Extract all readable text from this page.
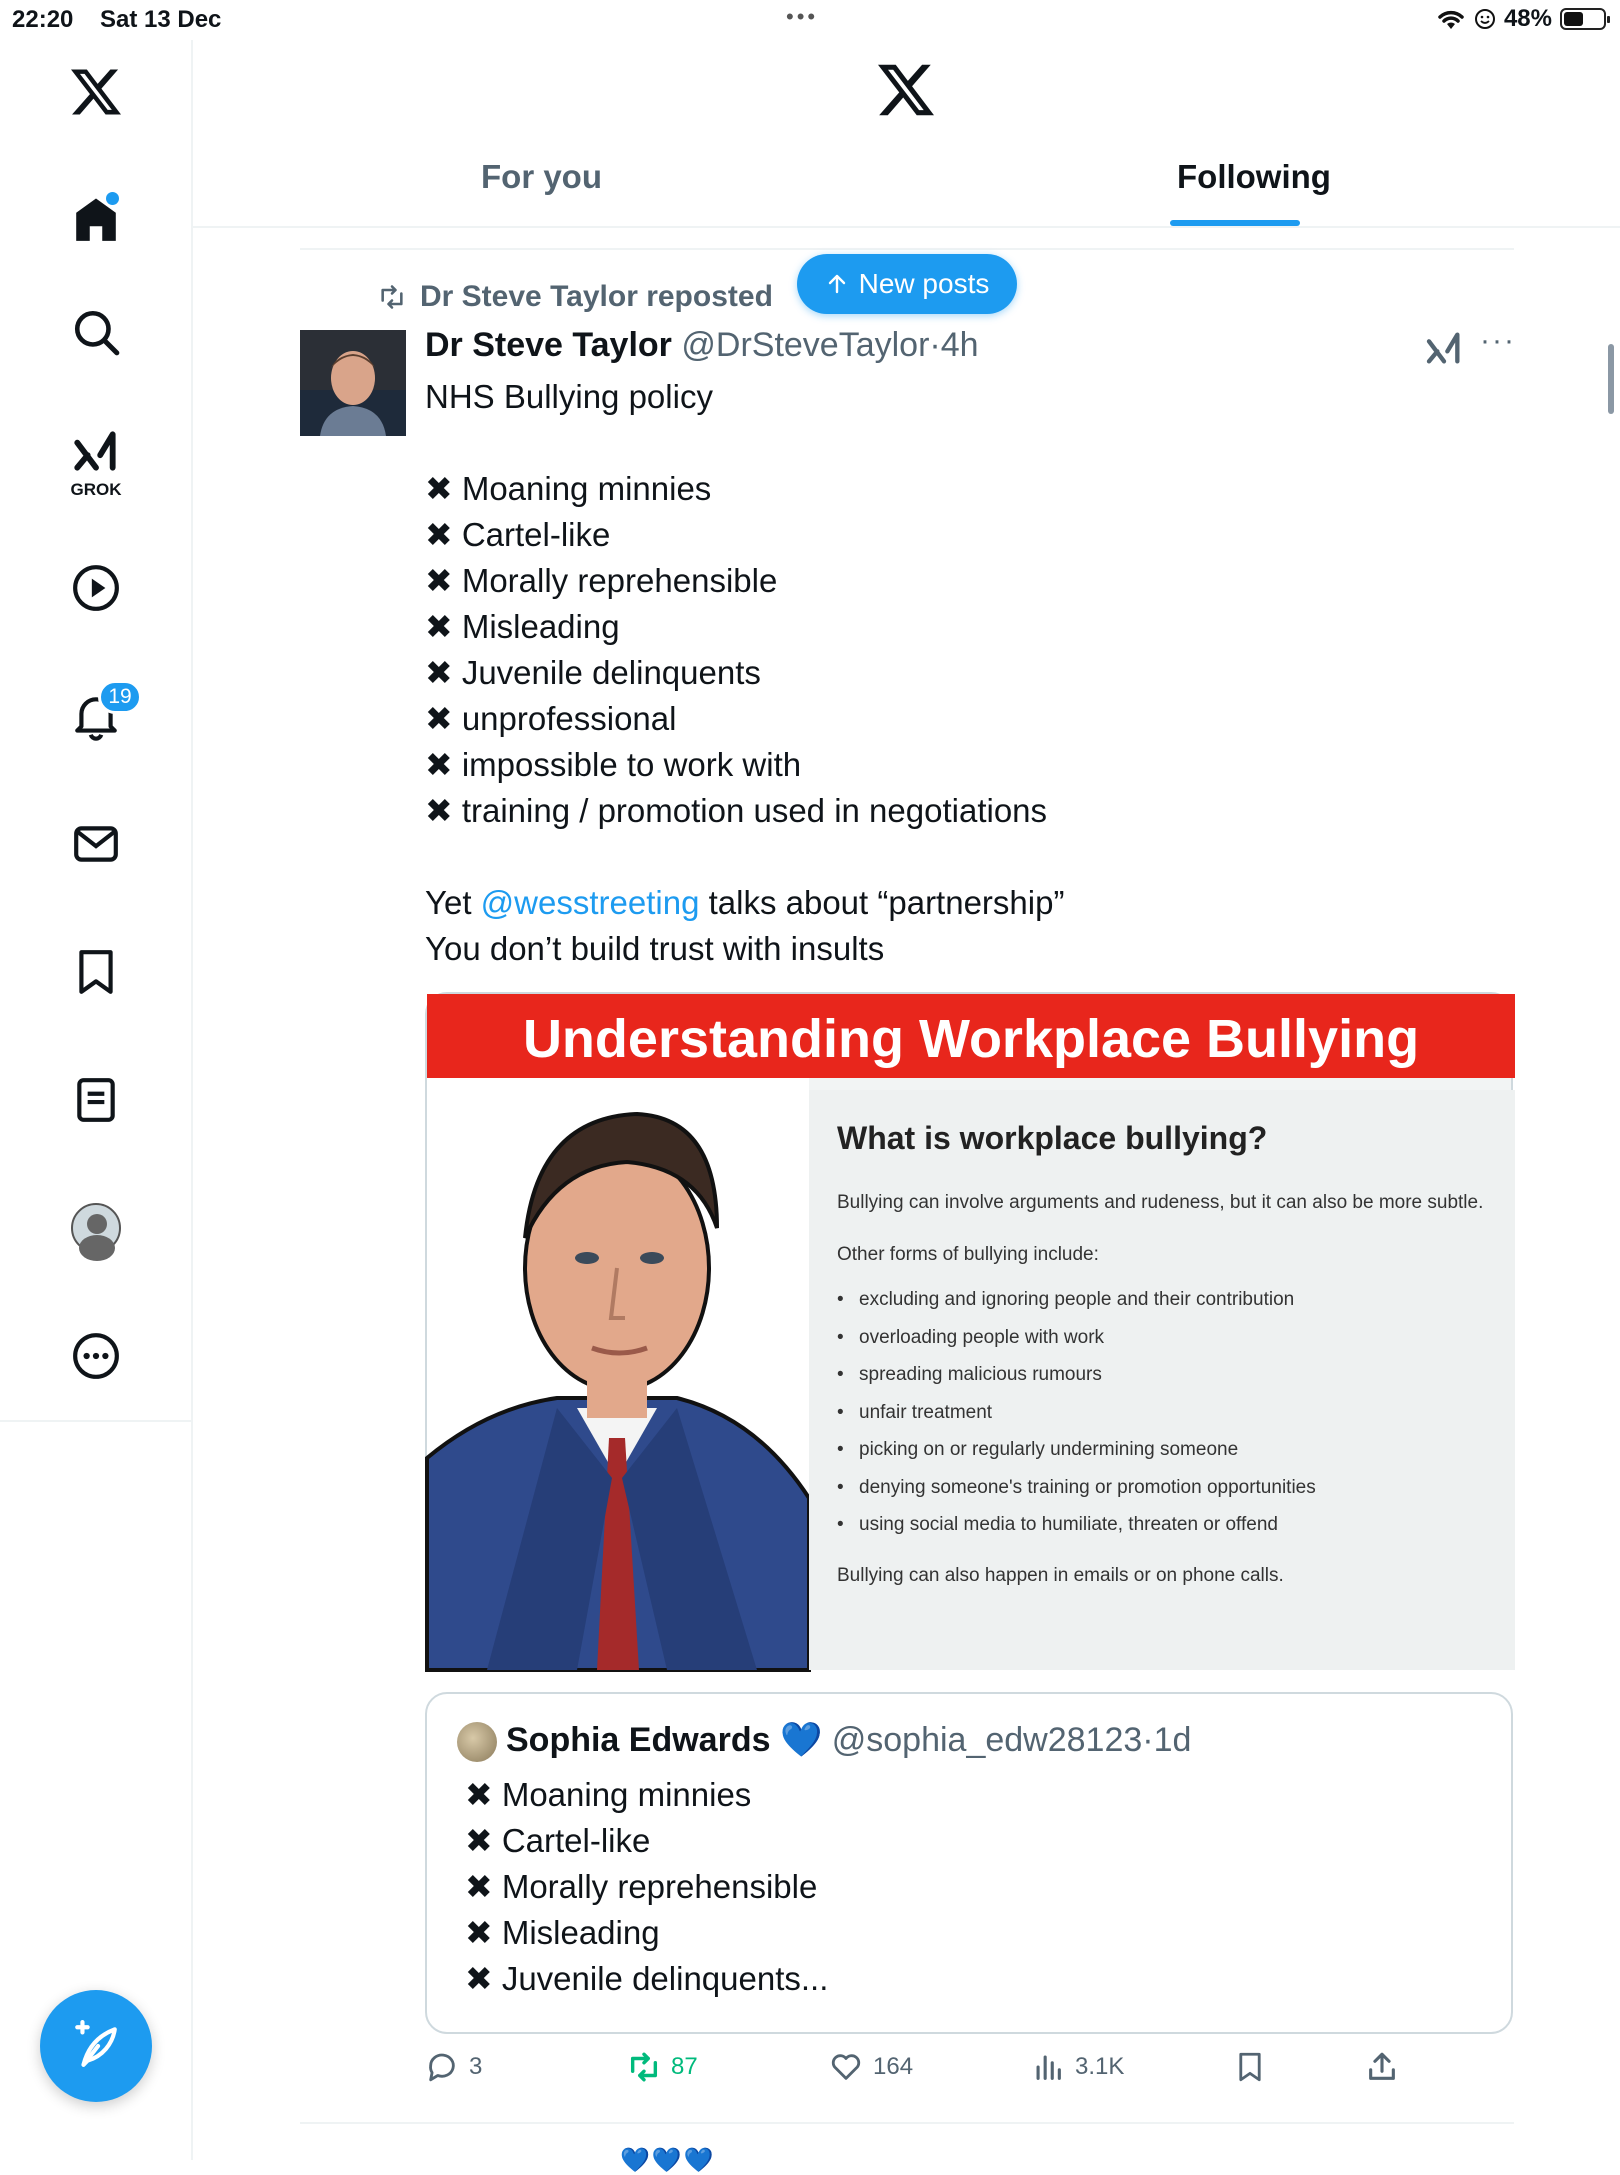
22:20 Sat 13 Dec	•••	48%
GROK
19
For you	Following
New posts
Dr Steve Taylor reposted
Dr Steve Taylor @DrSteveTaylor·4h	···
NHS Bullying policy

✖ Moaning minnies
✖ Cartel-like
✖ Morally reprehensible
✖ Misleading
✖ Juvenile delinquents
✖ unprofessional
✖ impossible to work with
✖ training / promotion used in negotiations

Yet @wesstreeting talks about “partnership”
You don’t build trust with insults
Understanding Workplace Bullying
What is workplace bullying?
Bullying can involve arguments and rudeness, but it can also be more subtle.
Other forms of bullying include:
• excluding and ignoring people and their contribution
• overloading people with work
• spreading malicious rumours
• unfair treatment
• picking on or regularly undermining someone
• denying someone's training or promotion opportunities
• using social media to humiliate, threaten or offend
Bullying can also happen in emails or on phone calls.
Sophia Edwards 💙 @sophia_edw28123·1d
✖ Moaning minnies
✖ Cartel-like
✖ Morally reprehensible
✖ Misleading
✖ Juvenile delinquents...
3	87	164	3.1K
💙💙💙
